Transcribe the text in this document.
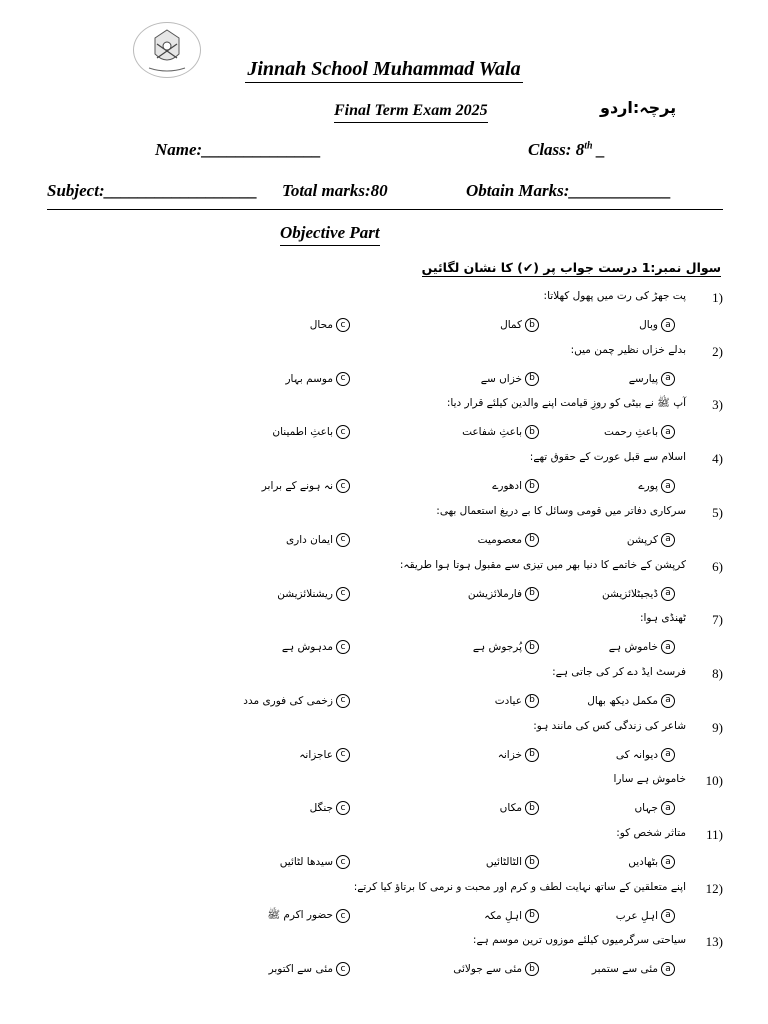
Jinnah School Muhammad Wala
Final Term Exam 2025	پرچہ:اردو
Name:______________	Class: 8th _
Subject:__________________ Total marks:80	Obtain Marks:____________
Objective Part
سوال نمبر:1 درست جواب پر (✔) کا نشان لگائیں
1)
پت جھڑ کی رت میں پھول کھلاتا:
وبال a
کمال b
محال c
2)
بدلے خزاں نظیر چمن میں:
پیارسے a
خزاں سے b
موسم بہار c
3)
آپ ﷺ نے بیٹی کو روزِ قیامت اپنے والدین کیلئے قرار دیا:
باعثِ رحمت a
باعثِ شفاعت b
باعثِ اطمینان c
4)
اسلام سے قبل عورت کے حقوق تھے:
پورے a
ادھورے b
نہ ہونے کے برابر c
5)
سرکاری دفاتر میں قومی وسائل کا بے دریغ استعمال بھی:
کرپشن a
معصومیت b
ایمان داری c
6)
کرپشن کے خاتمے کا دنیا بھر میں تیزی سے مقبول ہوتا ہوا طریقہ:
ڈیجیٹلائزیشن a
فارملائزیشن b
ریشنلائزیشن c
7)
ٹھنڈی ہوا:
خاموش ہے a
پُرجوش ہے b
مدہوش ہے c
8)
فرسٹ ایڈ دے کر کی جاتی ہے:
مکمل دیکھ بھال a
عیادت b
زخمی کی فوری مدد c
9)
شاعر کی زندگی کس کی مانند ہو:
دیوانہ کی a
خزانہ b
عاجزانہ c
10)
خاموش ہے سارا
جہاں a
مکاں b
جنگل c
11)
متاثر شخص کو:
بٹھادیں a
الٹالٹائیں b
سیدھا لٹائیں c
12)
اپنے متعلقین کے ساتھ نہایت لطف و کرم اور محبت و نرمی کا برتاؤ کیا کرتے:
اہلِ عرب a
اہلِ مکہ b
حضور اکرم ﷺ c
13)
سیاحتی سرگرمیوں کیلئے موزوں ترین موسم ہے:
مئی سے ستمبر a
مئی سے جولائی b
مئی سے اکتوبر c
